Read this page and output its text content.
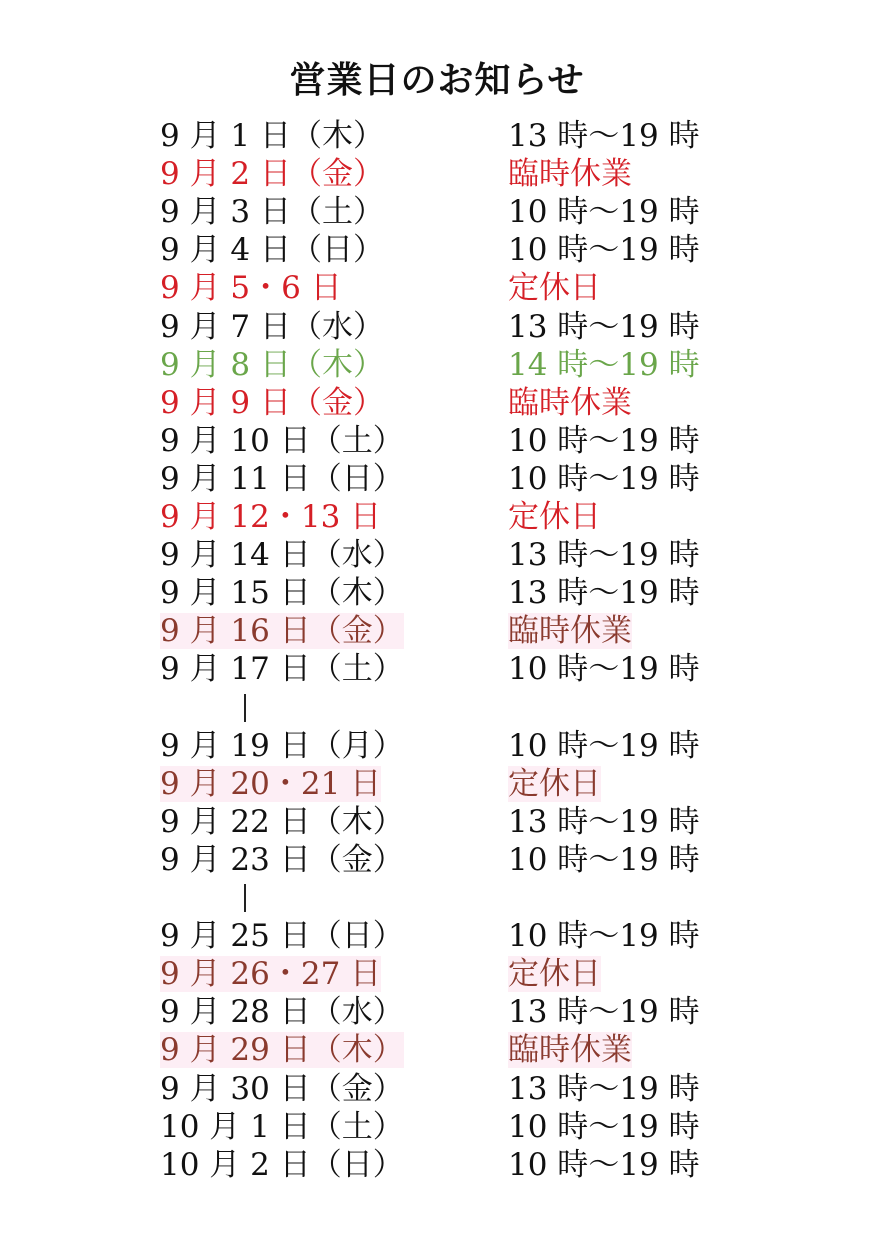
営業日のお知らせ
9 月 1 日（木）	13 時〜19 時
9 月 2 日（金）	臨時休業
9 月 3 日（土）	10 時〜19 時
9 月 4 日（日）	10 時〜19 時
9 月 5・6 日	定休日
9 月 7 日（水）	13 時〜19 時
9 月 8 日（木）	14 時〜19 時
9 月 9 日（金）	臨時休業
9 月 10 日（土）	10 時〜19 時
9 月 11 日（日）	10 時〜19 時
9 月 12・13 日	定休日
9 月 14 日（水）	13 時〜19 時
9 月 15 日（木）	13 時〜19 時
9 月 16 日（金）	臨時休業
9 月 17 日（土）	10 時〜19 時
9 月 19 日（月）	10 時〜19 時
9 月 20・21 日	定休日
9 月 22 日（木）	13 時〜19 時
9 月 23 日（金）	10 時〜19 時
9 月 25 日（日）	10 時〜19 時
9 月 26・27 日	定休日
9 月 28 日（水）	13 時〜19 時
9 月 29 日（木）	臨時休業
9 月 30 日（金）	13 時〜19 時
10 月 1 日（土）	10 時〜19 時
10 月 2 日（日）	10 時〜19 時
